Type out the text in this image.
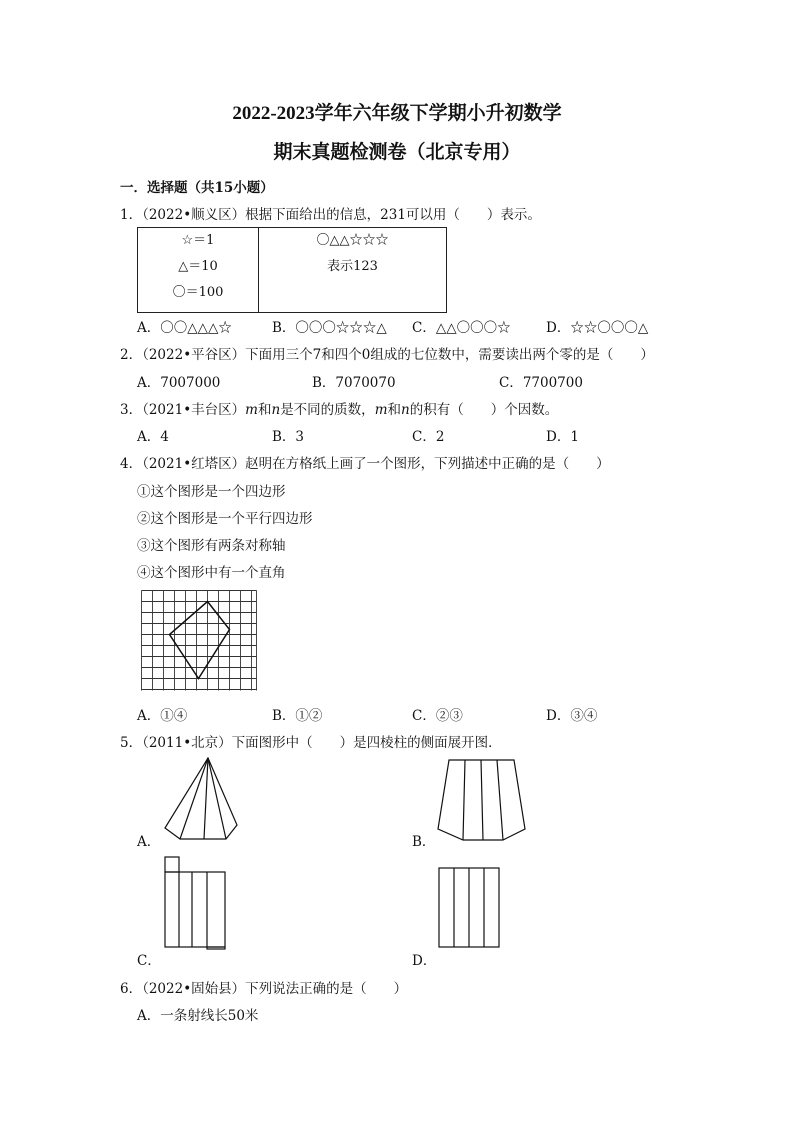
2022-2023学年六年级下学期小升初数学
期末真题检测卷（北京专用）
一．选择题（共15小题）
1．（2022•顺义区）根据下面给出的信息，231可以用（　　）表示。
☆＝1
△＝10
〇＝100

〇△△☆☆☆
表示123
A．〇〇△△△☆	B．〇〇〇☆☆☆△ C．△△〇〇〇☆	D．☆☆〇〇〇△
2．（2022•平谷区）下面用三个7和四个0组成的七位数中，需要读出两个零的是（　　）
A．7007000	B．7070070	C．7700700
3．（2021•丰台区）m和n是不同的质数，m和n的积有（　　）个因数。
A．4	B．3	C．2	D．1
4．（2021•红塔区）赵明在方格纸上画了一个图形，下列描述中正确的是（　　）
①这个图形是一个四边形
②这个图形是一个平行四边形
③这个图形有两条对称轴
④这个图形中有一个直角
A．①④	B．①②	C．②③	D．③④
5．（2011•北京）下面图形中（　　）是四棱柱的侧面展开图．
A．	B．
C．	D．
6．（2022•固始县）下列说法正确的是（　　）
A．一条射线长50米
